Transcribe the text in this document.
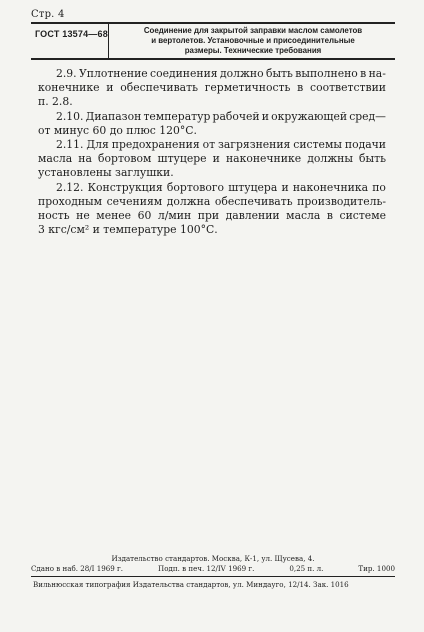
Стр. 4
ГОСТ 13574—68	Соединение для закрытой заправки маслом самолетов
и вертолетов. Установочные и присоединительные
размеры. Технические требования
2.9. Уплотнение соединения должно быть выполнено в на-
конечнике и обеспечивать герметичность в соответствии
п. 2.8.
2.10. Диапазон температур рабочей и окружающей сред—
от минус 60 до плюс 120°С.
2.11. Для предохранения от загрязнения системы подачи
масла на бортовом штуцере и наконечнике должны быть
установлены заглушки.
2.12. Конструкция бортового штуцера и наконечника по
проходным сечениям должна обеспечивать производитель-
ность не менее 60 л/мин при давлении масла в системе
3 кгс/см² и температуре 100°С.
Издательство стандартов. Москва, К-1, ул. Щусева, 4.
Сдано в наб. 28/I 1969 г.	Подп. в печ. 12/IV 1969 г.	0,25 п. л.	Тир. 1000
Вильнюсская типография Издательства стандартов, ул. Миндауго, 12/14. Зак. 1016
